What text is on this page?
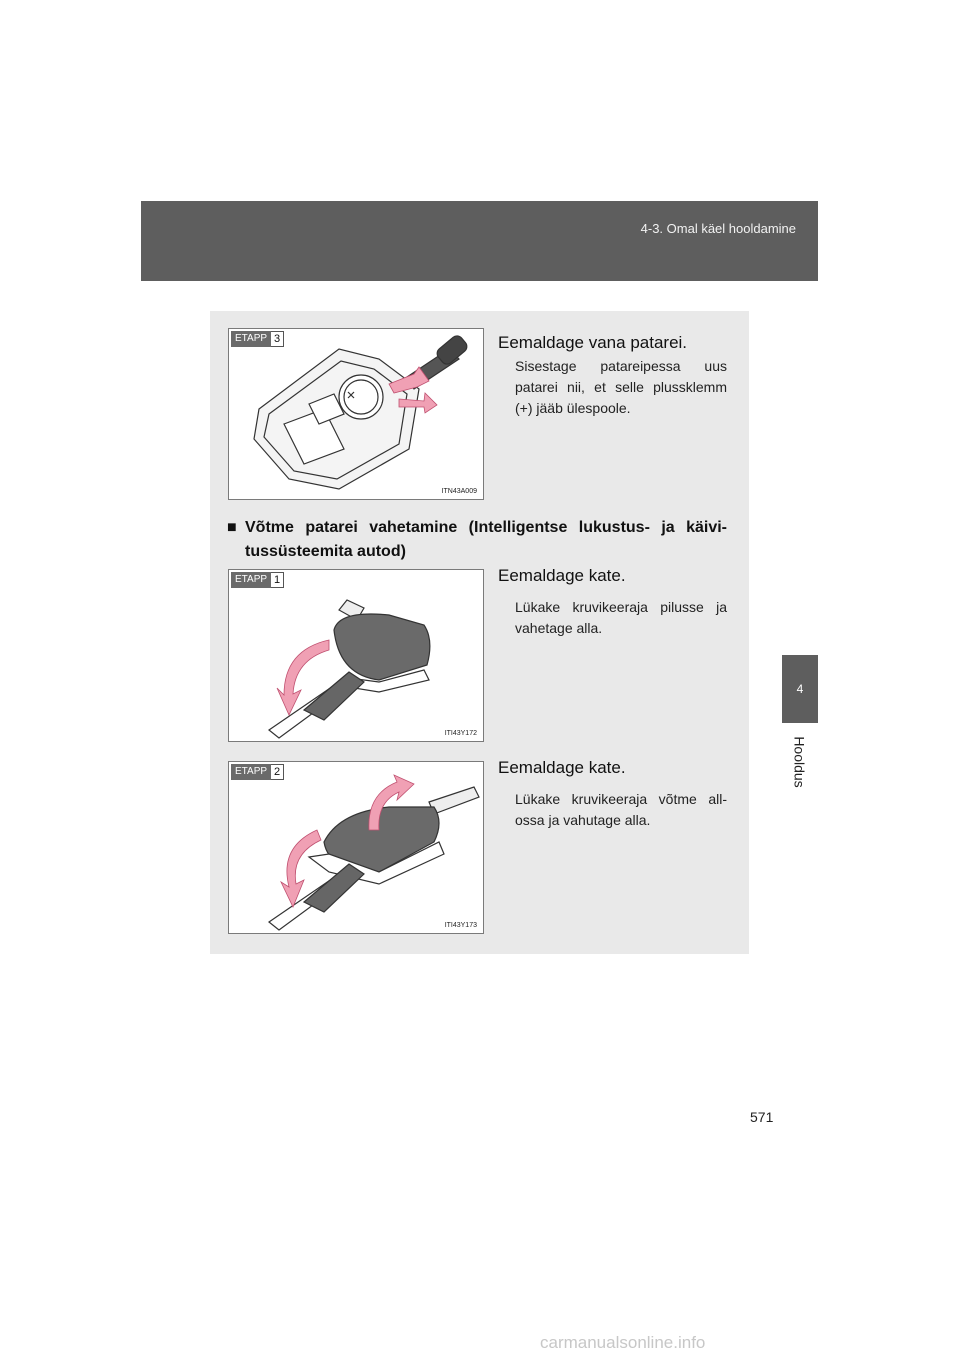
4-3. Omal käel hooldamine
4
Hooldus
ETAPP 3
ITN43A009
Eemaldage vana patarei.
Sisestage patareipessa uus patarei nii, et selle plussklemm (+) jääb ülespoole.
■ Võtme patarei vahetamine (Intelligentse lukustus- ja käivi-
tussüsteemita autod)
ETAPP 1
ITI43Y172
Eemaldage kate.
Lükake kruvikeeraja pilusse ja vahetage alla.
ETAPP 2
ITI43Y173
Eemaldage kate.
Lükake kruvikeeraja võtme all-ossa ja vahutage alla.
571
carmanualsonline.info
